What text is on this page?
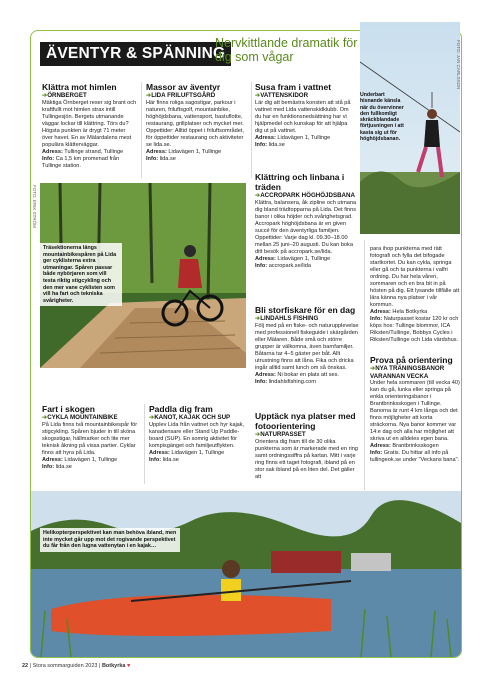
ÄVENTYR & SPÄNNING
Nervkittlande dramatik för dig som vågar	FOTO: JAN CARLSSON
Underbart hisnande känsla när du övervinner den fullkomligt skräckblandade förtjusningen i att kasta sig ut för höghöjdsbanan.
Klättra mot himlen
➔ÖRNBERGET
Mäktiga Örnberget reser sig brant och kraftfullt mot himlen strax intill Tullingesjön. Bergets utmanande väggar lockar till klättring. Törs du? Högsta punkten är drygt 71 meter över havet. En av Mälardalens mest populära klätterväggar.
Adress: Tullinge strand, Tullinge
Info: Ca 1,5 km promenad från Tullinge station.
Massor av äventyr
➔LIDA FRILUFTSGÅRD
Här finns roliga sagostigar, parkour i naturen, friluftsgolf, mountainbike, höghöjdsbana, vattensport, bastuflotte, restaurang, grillplatser och mycket mer. Oppettider: Alltid öppet i friluftsområdet, för öppettider restaurang och aktiviteter se lida.se.
Adress: Lidavägen 1, Tullinge
Info: lida.se
Susa fram i vattnet
➔VATTENSKIDOR
Lär dig att bemästra konsten att stå på vattnet med Lida vattenskidklubb. Om du har en funktionsnedsättning har vi hjälpmedel och kunskap för att hjälpa dig ut på vattnet.
Adress: Lidavägen 1, Tullinge
Info: lida.se
FOTO: ERIK STRÖM
Träsektionerna längs mountainbikespåren på Lida ger cyklisterna extra utmaningar. Spåren passar både nybörjaren som vill testa riktig stigcykling och den mer vane cyklisten som vill ha fart och tekniska svårigheter.
Klättring och linbana i träden
➔ACCROPARK HÖGHÖJDSBANA
Klättra, balansera, åk zipline och utmana dig bland trädtopparna på Lida. Det finns banor i olika höjder och svårighetsgrad. Accropark höghöjdsbana är en given succé för den äventyrliga familjen. Oppettider: Varje dag kl. 09.30–18.00 mellan 25 juni–20 augusti. Du kan boka ditt besök på accropark.se/lida.
Adress: Lidavägen 1, Tullinge
Info: accropark.se/lida
Bli storfiskare för en dag
➔LINDAHLS FISHING
Följ med på en fiske- och naturupplevelse med professionell fiskeguide i skärgården eller Mälaren. Både små och större grupper är välkomna, även barnfamiljer. Båtarna tar 4–5 gäster per båt. Allt utrustning finns att låna. Fika och dricka ingår alltid samt lunch om så önskas.
Adress: Ni bokar en plats att ses.
Info: lindahlsfishing.com
para ihop punkterna med rätt fotografi och fylla det bifogade startkortet. Du kan cykla, springa eller gå och ta punkterna i valfri ordning. Du har hela våren, sommaren och en bra bit in på hösten på dig. Ett lysande tillfälle att lära känna nya platser i vår kommun.
Adress: Hela Botkyrka
Info: Naturpasset kostar 120 kr och köps hos: Tullinge blommor, ICA Riksten/Tullinge, Bobbys Cycles i Riksten/Tullinge och Lida värdshus.
Prova på orientering
➔NYA TRÄNINGSBANOR VARANNAN VECKA
Under hela sommaren (till vecka 40) kan du gå, lunka eller springa på enkla orienteringsbanor i Brantbrinksskogen i Tullinge. Banorna är runt 4 km långa och det finns möjligheter att korta sträckorna. Nya banor kommer var 14:e dag och alla har möjlighet att skriva ut en alldeles egen bana.
Adress: Brantbrinksskogen
Info: Gratis. Du hittar all info på tullingeok.se under "Veckans bana".
Fart i skogen
➔CYKLA MOUNTAINBIKE
På Lida finns två mountainbikespår för stigcykling. Spåren bjuder in till sköna skogsstigar, hällmarker och lite mer teknisk åkning på vissa partier. Cyklar finns att hyra på Lida.
Adress: Lidavägen 1, Tullinge
Info: lida.se
Paddla dig fram
➔KANOT, KAJAK OCH SUP
Upplev Lida från vattnet och hyr kajak, kanadensare eller Stand Up Paddle-board (SUP). En somrig aktivitet för kompisgänget och familjeutflykten.
Adress: Lidavägen 1, Tullinge
Info: lida.se
Upptäck nya platser med fotoorientering
➔NATURPASSET
Orientera dig fram till de 30 olika punkterna som är markerade med en ring samt ordningssiffra på kartan. Mitt i varje ring finns ett taget fotografi, ibland på en stor sak ibland på en liten del. Det gäller att
Helikopterperspektivet kan man behöva ibland, men inte mycket går upp mot det rogivande perspektivet du får från den lugna vattenytan i en kajak…
22 | Stora sommarguiden 2023 | Botkyrka ♥
